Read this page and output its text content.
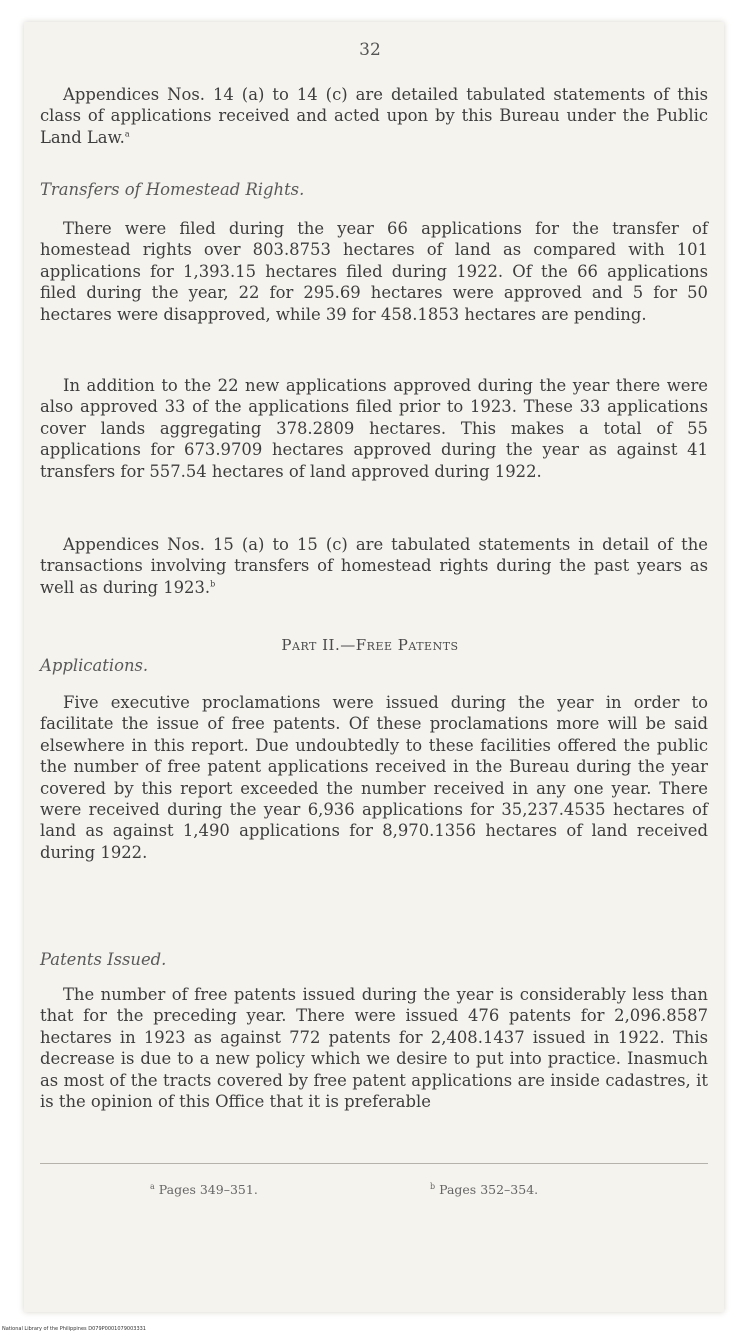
32

Appendices Nos. 14 (a) to 14 (c) are detailed tabulated statements of this class of applications received and acted upon by this Bureau under the Public Land Law.$^a$

Transfers of Homestead Rights.

There were filed during the year 66 applications for the transfer of homestead rights over 803.8753 hectares of land as compared with 101 applications for 1,393.15 hectares filed during 1922. Of the 66 applications filed during the year, 22 for 295.69 hectares were approved and 5 for 50 hectares were disapproved, while 39 for 458.1853 hectares are pending.

In addition to the 22 new applications approved during the year there were also approved 33 of the applications filed prior to 1923. These 33 applications cover lands aggregating 378.2809 hectares. This makes a total of 55 applications for 673.9709 hectares approved during the year as against 41 transfers for 557.54 hectares of land approved during 1922.

Appendices Nos. 15 (a) to 15 (c) are tabulated statements in detail of the transactions involving transfers of homestead rights during the past years as well as during 1923.$^b$

Part II.—Free Patents

Applications.

Five executive proclamations were issued during the year in order to facilitate the issue of free patents. Of these proclamations more will be said elsewhere in this report. Due undoubtedly to these facilities offered the public the number of free patent applications received in the Bureau during the year covered by this report exceeded the number received in any one year. There were received during the year 6,936 applications for 35,237.4535 hectares of land as against 1,490 applications for 8,970.1356 hectares of land received during 1922.

Patents Issued.

The number of free patents issued during the year is considerably less than that for the preceding year. There were issued 476 patents for 2,096.8587 hectares in 1923 as against 772 patents for 2,408.1437 issued in 1922. This decrease is due to a new policy which we desire to put into practice. Inasmuch as most of the tracts covered by free patent applications are inside cadastres, it is the opinion of this Office that it is preferable

$^a$ Pages 349–351.	$^b$ Pages 352–354.
National Library of the Philippines D079P0001079003331
